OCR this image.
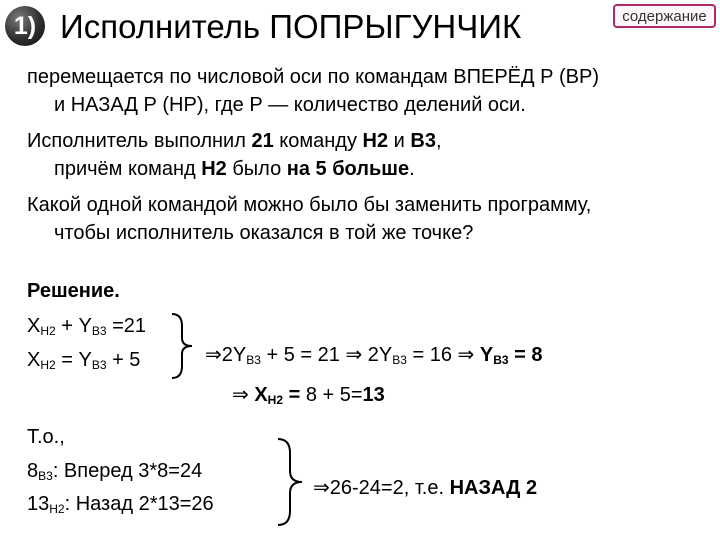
1) Исполнитель ПОПРЫГУНЧИК	содержание
перемещается по числовой оси по командам ВПЕРЁД Р (ВР)
и НАЗАД Р (НР), где Р — количество делений оси.
Исполнитель выполнил 21 команду Н2 и В3,
причём команд Н2 было на 5 больше.
Какой одной командой можно было бы заменить программу,
чтобы исполнитель оказался в той же точке?
Решение.
$X_{Н2} + Y_{В3} =21$
$X_{Н2} = Y_{В3} + 5$	$\Rightarrow 2Y_{В3} + 5 = 21$ ⇒ $2Y_{В3} = 16$ ⇒ $Y_{В3} = 8$
⇒ $X_{Н2} = 8 + 5=13$
Т.о.,
$8_{В3}$: Вперед 3*8=24
$13_{Н2}$: Назад 2*13=26
⇒26-24=2, т.е. НАЗАД 2
